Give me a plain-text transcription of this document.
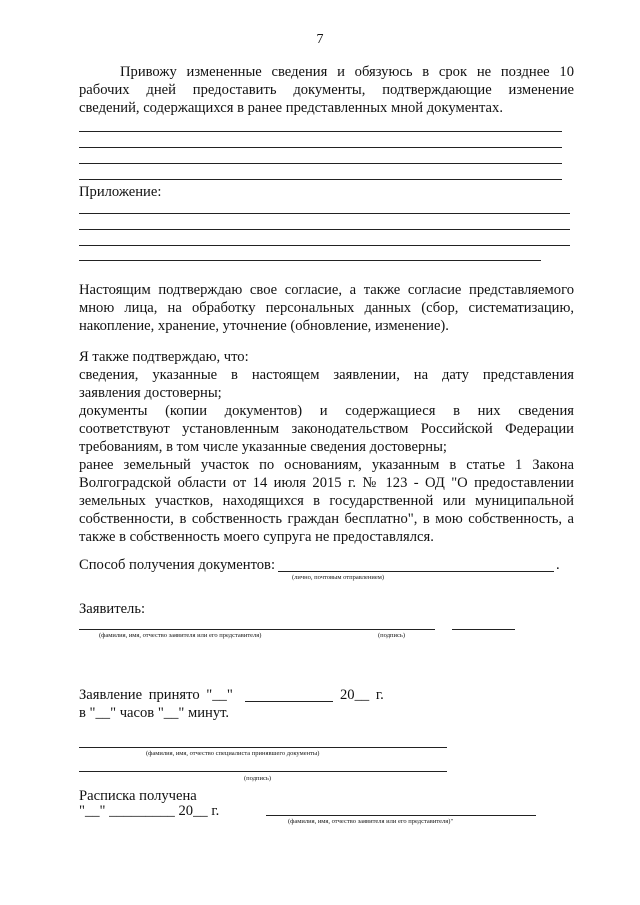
7
Привожу измененные сведения и обязуюсь в срок не позднее 10
рабочих дней предоставить документы, подтверждающие изменение
сведений, содержащихся в ранее представленных мной документах.
Приложение:
Настоящим подтверждаю свое согласие, а также согласие представляемого
мною лица, на обработку персональных данных (сбор, систематизацию,
накопление, хранение, уточнение (обновление, изменение).
Я также подтверждаю, что:
сведения, указанные в настоящем заявлении, на дату представления
заявления достоверны;
документы (копии документов) и содержащиеся в них сведения
соответствуют установленным законодательством Российской Федерации
требованиям, в том числе указанные сведения достоверны;
ранее земельный участок по основаниям, указанным в статье 1 Закона
Волгоградской области от 14 июля 2015 г. № 123 - ОД "О предоставлении
земельных участков, находящихся в государственной или муниципальной
собственности, в собственность граждан бесплатно", в мою собственность, а
также в собственность моего супруга не предоставлялся.
Способ получения документов:	.
(лично, почтовым отправлением)
Заявитель:
(фамилия, имя, отчество заявителя или его представителя)	(подпись)
Заявление принято "__"	20__ г.
в "__" часов "__" минут.
(фамилия, имя, отчество специалиста принявшего документы)
(подпись)
Расписка получена
"__" _________ 20__ г.
(фамилия, имя, отчество заявителя или его представителя)"
